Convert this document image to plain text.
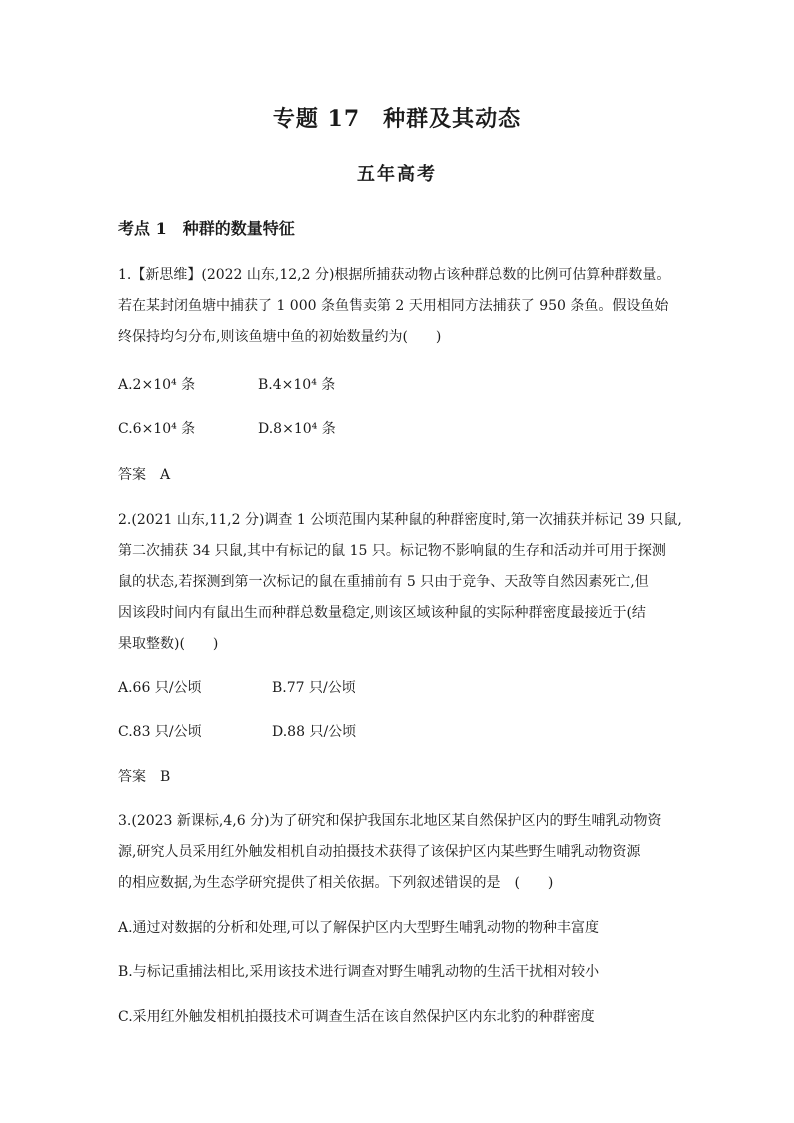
专题 17　种群及其动态
五年高考
考点 1　种群的数量特征
1.【新思维】(2022 山东,12,2 分)根据所捕获动物占该种群总数的比例可估算种群数量。
若在某封闭鱼塘中捕获了 1 000 条鱼售卖第 2 天用相同方法捕获了 950 条鱼。假设鱼始
终保持均匀分布,则该鱼塘中鱼的初始数量约为(　　)
A.2×10⁴ 条	B.4×10⁴ 条
C.6×10⁴ 条	D.8×10⁴ 条
答案 A
2.(2021 山东,11,2 分)调查 1 公顷范围内某种鼠的种群密度时,第一次捕获并标记 39 只鼠,
第二次捕获 34 只鼠,其中有标记的鼠 15 只。标记物不影响鼠的生存和活动并可用于探测
鼠的状态,若探测到第一次标记的鼠在重捕前有 5 只由于竞争、天敌等自然因素死亡,但
因该段时间内有鼠出生而种群总数量稳定,则该区域该种鼠的实际种群密度最接近于(结
果取整数)(　　)
A.66 只/公顷	B.77 只/公顷
C.83 只/公顷	D.88 只/公顷
答案 B
3.(2023 新课标,4,6 分)为了研究和保护我国东北地区某自然保护区内的野生哺乳动物资
源,研究人员采用红外触发相机自动拍摄技术获得了该保护区内某些野生哺乳动物资源
的相应数据,为生态学研究提供了相关依据。下列叙述错误的是　(　　)
A.通过对数据的分析和处理,可以了解保护区内大型野生哺乳动物的物种丰富度
B.与标记重捕法相比,采用该技术进行调查对野生哺乳动物的生活干扰相对较小
C.采用红外触发相机拍摄技术可调查生活在该自然保护区内东北豹的种群密度
